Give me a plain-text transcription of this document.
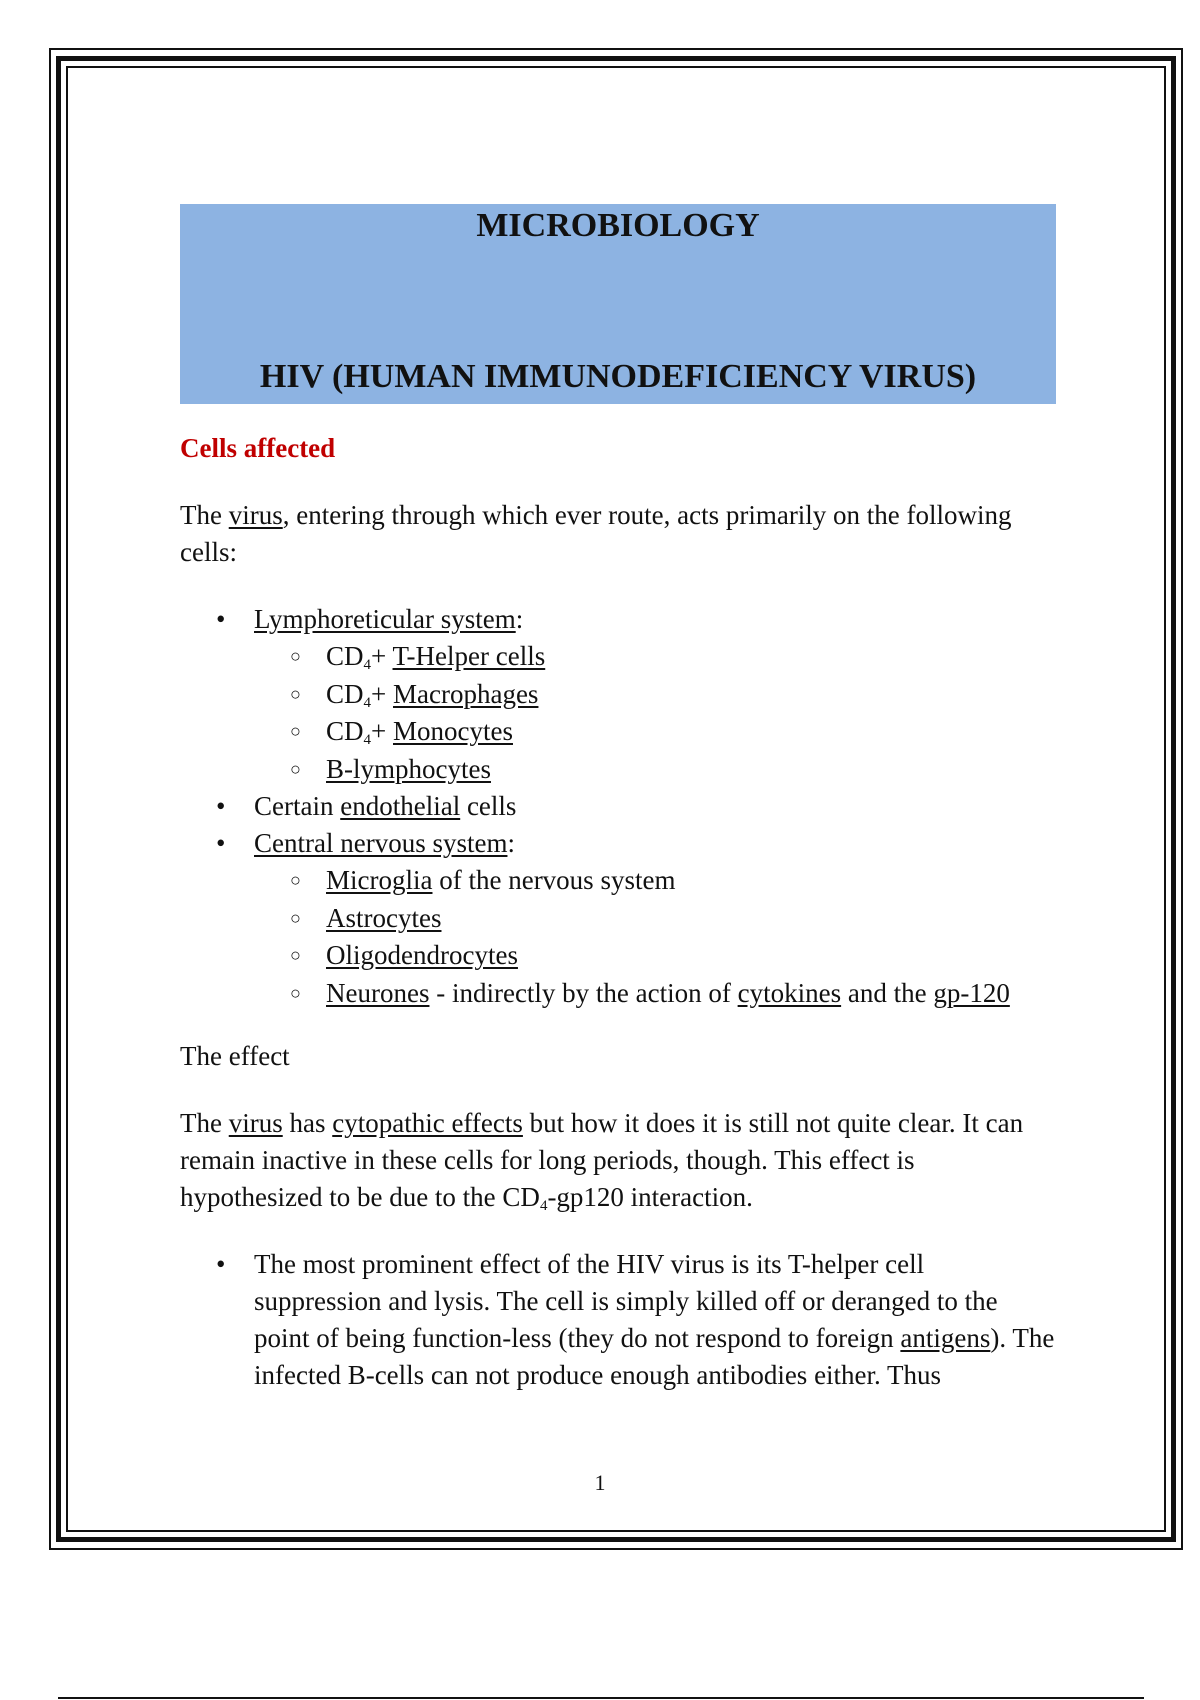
MICROBIOLOGY
HIV (HUMAN IMMUNODEFICIENCY VIRUS)
Cells affected

The virus, entering through which ever route, acts primarily on the following cells:

• Lymphoreticular system:
○ $CD_4+$ T-Helper cells
○ $CD_4+$ Macrophages
○ $CD_4+$ Monocytes
○ B-lymphocytes
• Certain endothelial cells
• Central nervous system:
○ Microglia of the nervous system
○ Astrocytes
○ Oligodendrocytes
○ Neurones - indirectly by the action of cytokines and the gp-120
The effect

The virus has cytopathic effects but how it does it is still not quite clear. It can remain inactive in these cells for long periods, though. This effect is hypothesized to be due to the $CD_4-gp120$ interaction.

• The most prominent effect of the HIV virus is its T-helper cell suppression and lysis. The cell is simply killed off or deranged to the point of being function-less (they do not respond to foreign antigens). The infected B-cells can not produce enough antibodies either. Thus
1
